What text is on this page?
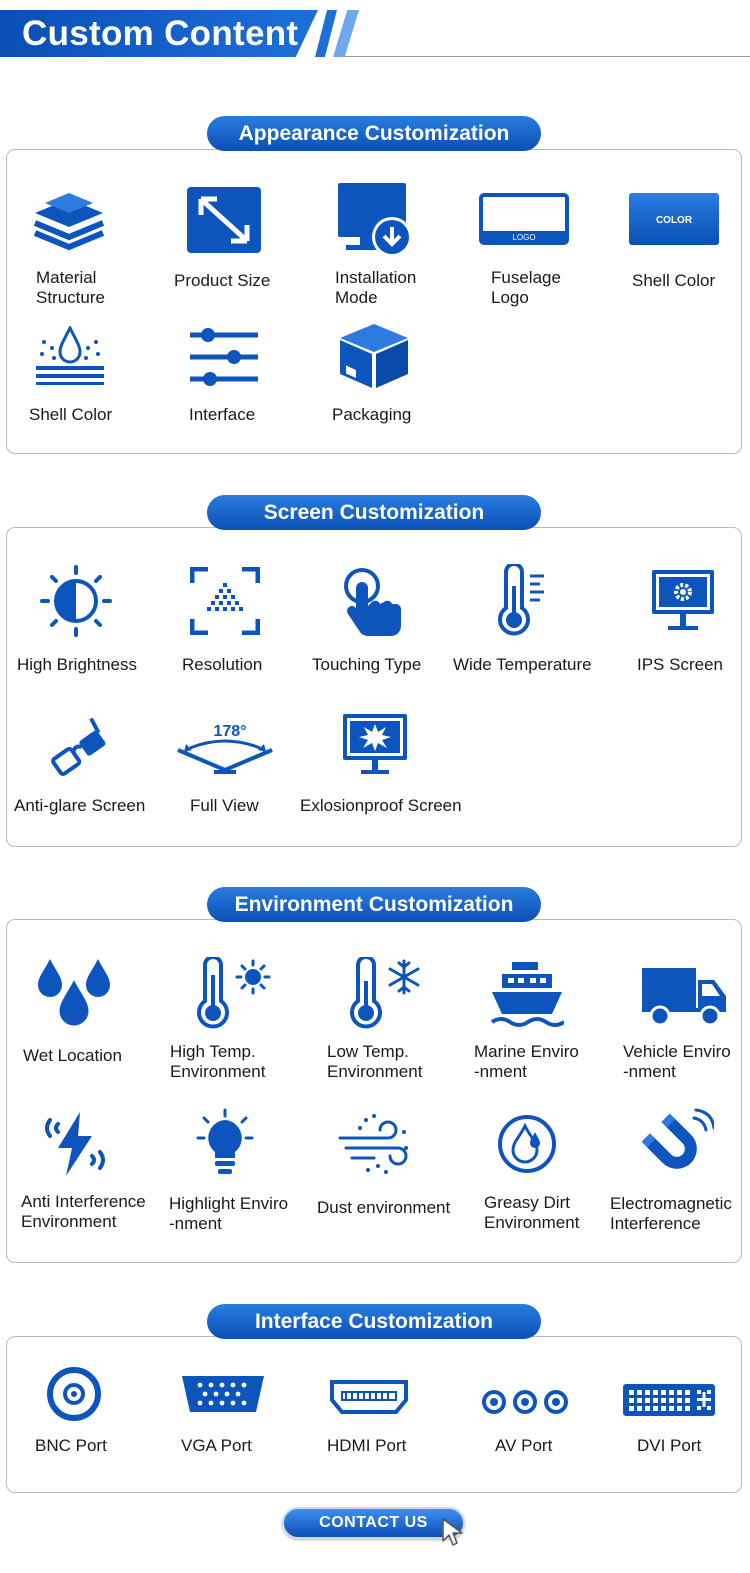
Custom Content
Appearance Customization
Material
Structure
Product Size	Installation
Mode
LOGO
Fuselage
Logo
COLOR
Shell Color
Shell Color	Interface	Packaging
Screen Customization
High Brightness	Resolution	Touching Type Wide Temperature	IPS Screen
Anti-glare Screen
178°
Full View Exlosionproof Screen
Environment Customization
Wet Location	High Temp.
Environment
Low Temp.
Environment
Marine Enviro
-nment
Vehicle Enviro
-nment
Anti Interference
Environment
Highlight Enviro
-nment
Dust environment Greasy Dirt
Environment
Electromagnetic
Interference
Interface Customization
BNC Port	VGA Port	HDMI Port	AV Port	DVI Port
CONTACT US
